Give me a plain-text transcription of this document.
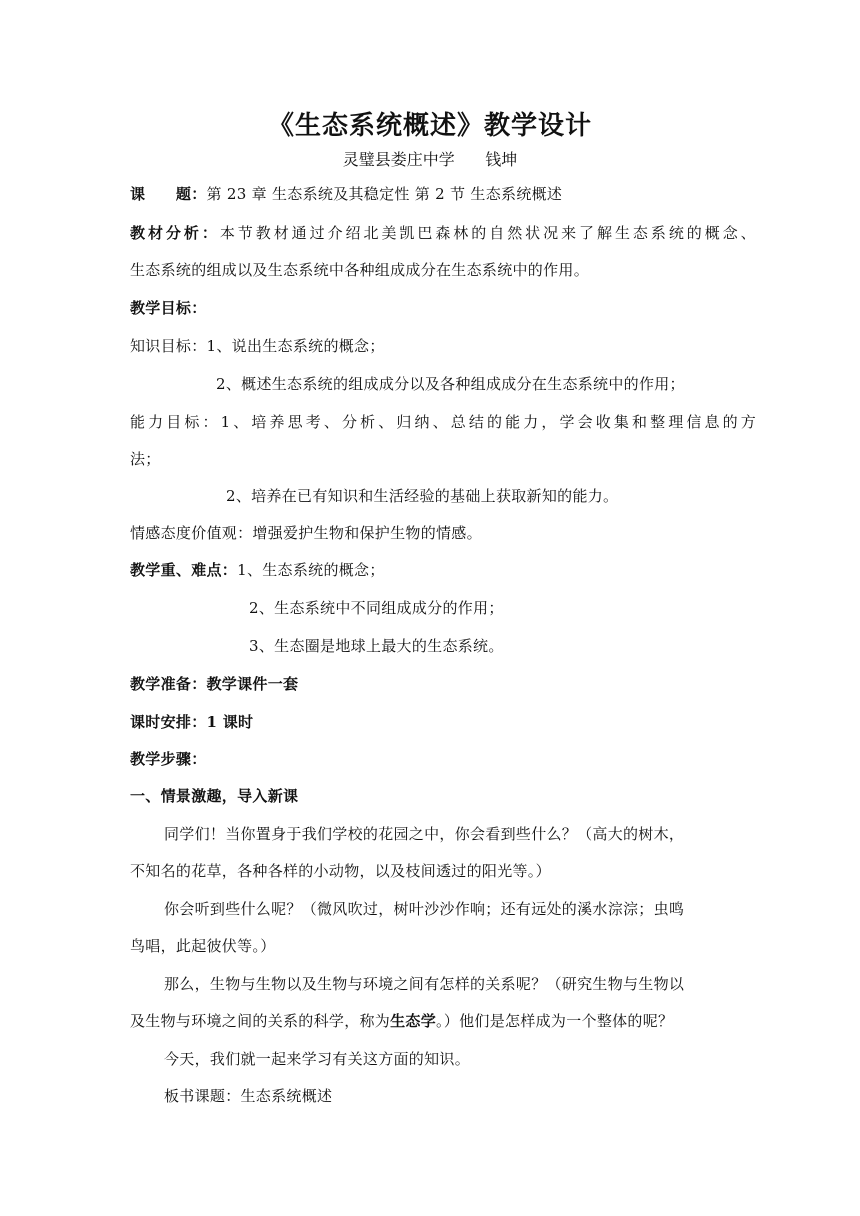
《生态系统概述》教学设计
灵璧县娄庄中学      钱坤
课　　题：第 23 章 生态系统及其稳定性 第 2 节 生态系统概述
教材分析：本节教材通过介绍北美凯巴森林的自然状况来了解生态系统的概念、
生态系统的组成以及生态系统中各种组成成分在生态系统中的作用。
教学目标：
知识目标：1、说出生态系统的概念；
2、概述生态系统的组成成分以及各种组成成分在生态系统中的作用；
能力目标：1、培养思考、分析、归纳、总结的能力，学会收集和整理信息的方
法；
2、培养在已有知识和生活经验的基础上获取新知的能力。
情感态度价值观：增强爱护生物和保护生物的情感。
教学重、难点：1、生态系统的概念；
2、生态系统中不同组成成分的作用；
3、生态圈是地球上最大的生态系统。
教学准备：教学课件一套
课时安排：1 课时
教学步骤：
一、情景激趣，导入新课
同学们！当你置身于我们学校的花园之中，你会看到些什么？（高大的树木，
不知名的花草，各种各样的小动物，以及枝间透过的阳光等。）
你会听到些什么呢？（微风吹过，树叶沙沙作响；还有远处的溪水淙淙；虫鸣
鸟唱，此起彼伏等。）
那么，生物与生物以及生物与环境之间有怎样的关系呢？（研究生物与生物以
及生物与环境之间的关系的科学，称为生态学。）他们是怎样成为一个整体的呢？
今天，我们就一起来学习有关这方面的知识。
板书课题：生态系统概述
